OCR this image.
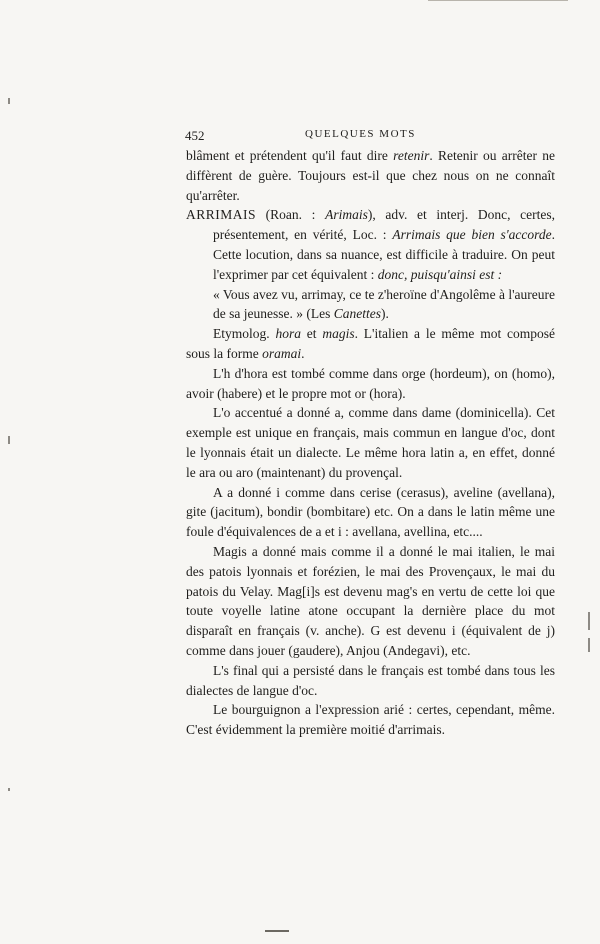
452	QUELQUES MOTS

blâment et prétendent qu'il faut dire retenir. Retenir ou arrêter ne diffèrent de guère. Toujours est-il que chez nous on ne connaît qu'arrêter.

ARRIMAIS (Roan. : Arimais), adv. et interj. Donc, certes, présentement, en vérité, Loc. : Arrimais que bien s'accorde. Cette locution, dans sa nuance, est difficile à traduire. On peut l'exprimer par cet équivalent : donc, puisqu'ainsi est :
« Vous avez vu, arrimay, ce te z'heroïne d'Angolême à l'aureure de sa jeunesse. » (Les Canettes).

Etymolog. hora et magis. L'italien a le même mot composé sous la forme oramai.

L'h d'hora est tombé comme dans orge (hordeum), on (homo), avoir (habere) et le propre mot or (hora).

L'o accentué a donné a, comme dans dame (dominicella). Cet exemple est unique en français, mais commun en langue d'oc, dont le lyonnais était un dialecte. Le même hora latin a, en effet, donné le ara ou aro (maintenant) du provençal.

A a donné i comme dans cerise (cerasus), aveline (avellana), gite (jacitum), bondir (bombitare) etc. On a dans le latin même une foule d'équivalences de a et i : avellana, avellina, etc....

Magis a donné mais comme il a donné le mai italien, le mai des patois lyonnais et forézien, le mai des Provençaux, le mai du patois du Velay. Mag[i]s est devenu mag's en vertu de cette loi que toute voyelle latine atone occupant la dernière place du mot disparaît en français (v. anche). G est devenu i (équivalent de j) comme dans jouer (gaudere), Anjou (Andegavi), etc.

L's final qui a persisté dans le français est tombé dans tous les dialectes de langue d'oc.

Le bourguignon a l'expression arié : certes, cependant, même. C'est évidemment la première moitié d'arrimais.
